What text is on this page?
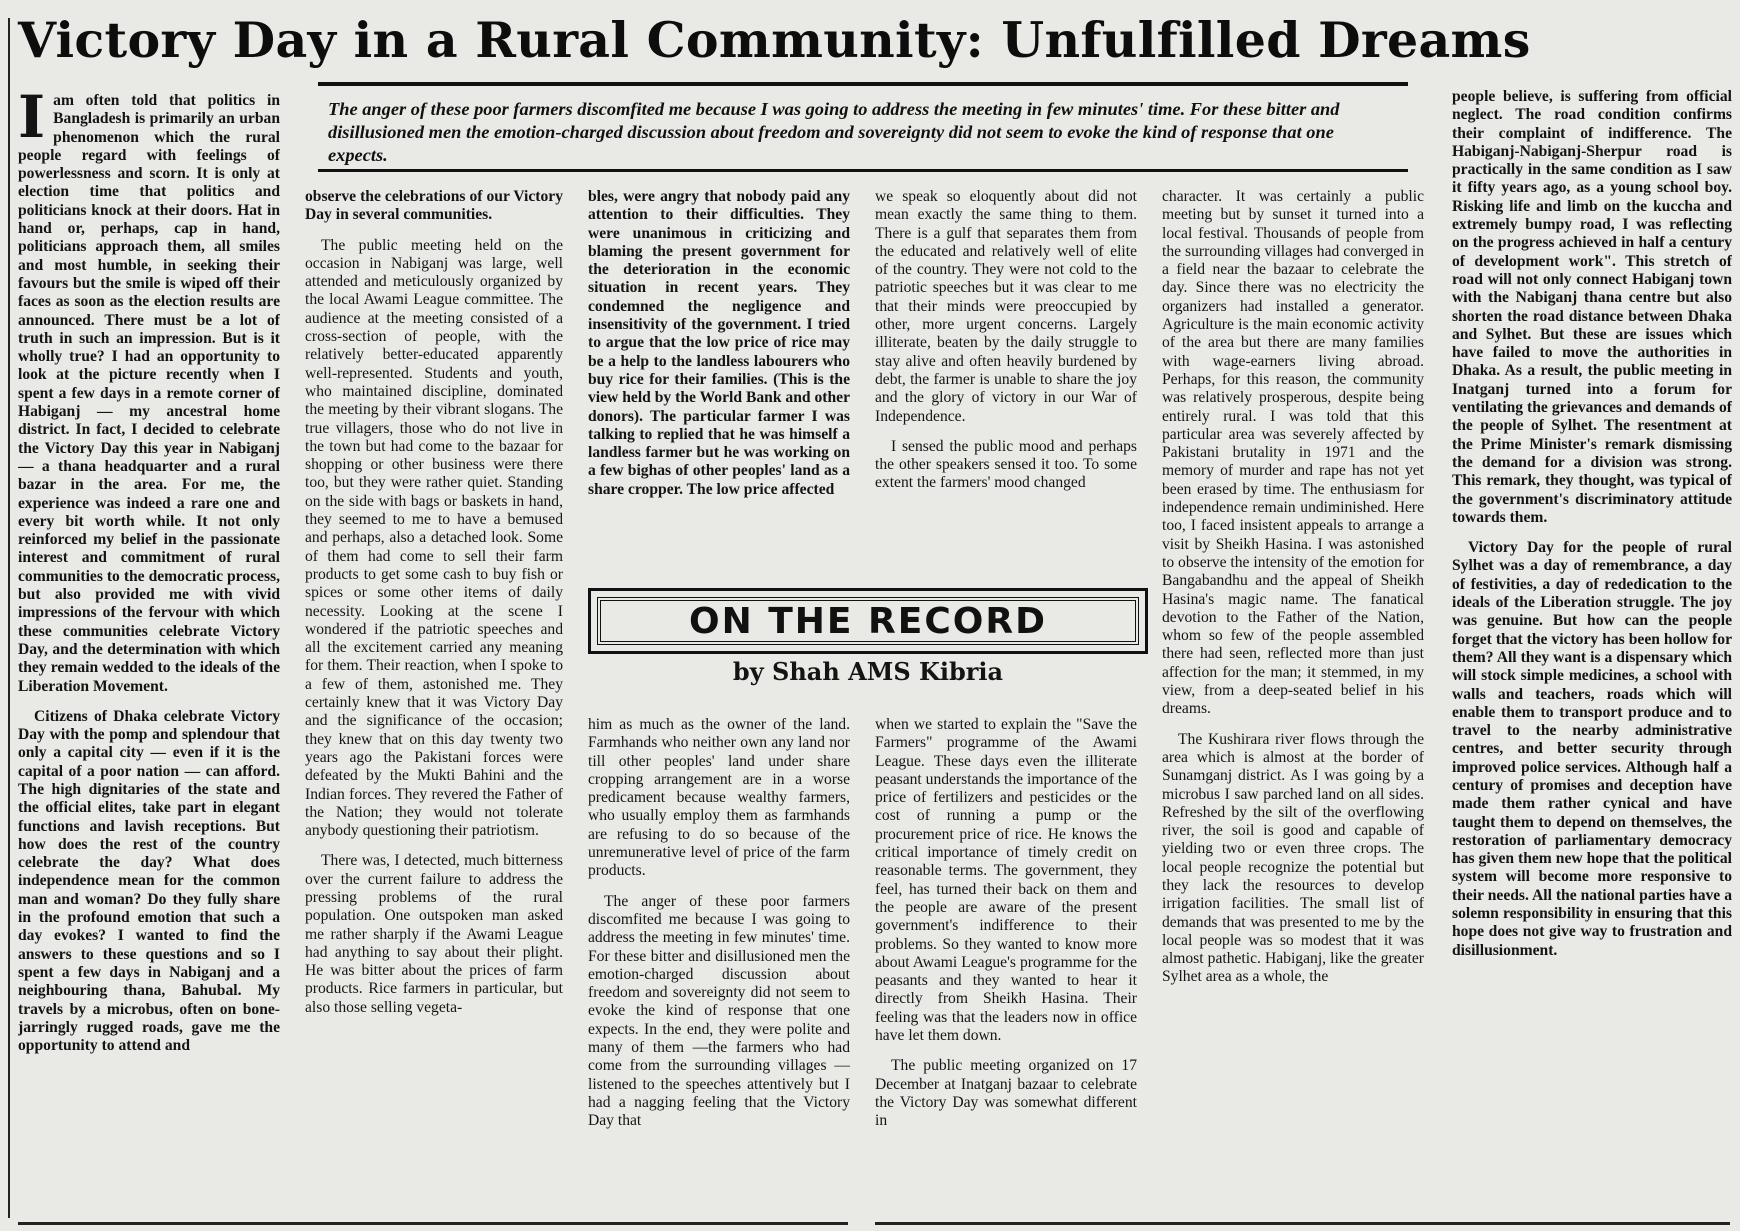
Victory Day in a Rural Community: Unfulfilled Dreams
I am often told that politics in Bangladesh is primarily an urban phenomenon which the rural people regard with feelings of powerlessness and scorn. It is only at election time that politics and politicians knock at their doors. Hat in hand or, perhaps, cap in hand, politicians approach them, all smiles and most humble, in seeking their favours but the smile is wiped off their faces as soon as the election results are announced. There must be a lot of truth in such an impression. But is it wholly true? I had an opportunity to look at the picture recently when I spent a few days in a remote corner of Habiganj — my ancestral home district. In fact, I decided to celebrate the Victory Day this year in Nabiganj — a thana headquarter and a rural bazar in the area. For me, the experience was indeed a rare one and every bit worth while. It not only reinforced my belief in the passionate interest and commitment of rural communities to the democratic process, but also provided me with vivid impressions of the fervour with which these communities celebrate Victory Day, and the determination with which they remain wedded to the ideals of the Liberation Movement.

Citizens of Dhaka celebrate Victory Day with the pomp and splendour that only a capital city — even if it is the capital of a poor nation — can afford. The high dignitaries of the state and the official elites, take part in elegant functions and lavish receptions. But how does the rest of the country celebrate the day? What does independence mean for the common man and woman? Do they fully share in the profound emotion that such a day evokes? I wanted to find the answers to these questions and so I spent a few days in Nabiganj and a neighbouring thana, Bahubal. My travels by a microbus, often on bone-jarringly rugged roads, gave me the opportunity to attend and

The anger of these poor farmers discomfited me because I was going to address the meeting in few minutes' time. For these bitter and disillusioned men the emotion-charged discussion about freedom and sovereignty did not seem to evoke the kind of response that one expects.

observe the celebrations of our Victory Day in several communities.

The public meeting held on the occasion in Nabiganj was large, well attended and meticulously organized by the local Awami League committee. The audience at the meeting consisted of a cross-section of people, with the relatively better-educated apparently well-represented. Students and youth, who maintained discipline, dominated the meeting by their vibrant slogans. The true villagers, those who do not live in the town but had come to the bazaar for shopping or other business were there too, but they were rather quiet. Standing on the side with bags or baskets in hand, they seemed to me to have a bemused and perhaps, also a detached look. Some of them had come to sell their farm products to get some cash to buy fish or spices or some other items of daily necessity. Looking at the scene I wondered if the patriotic speeches and all the excitement carried any meaning for them. Their reaction, when I spoke to a few of them, astonished me. They certainly knew that it was Victory Day and the significance of the occasion; they knew that on this day twenty two years ago the Pakistani forces were defeated by the Mukti Bahini and the Indian forces. They revered the Father of the Nation; they would not tolerate anybody questioning their patriotism.

There was, I detected, much bitterness over the current failure to address the pressing problems of the rural population. One outspoken man asked me rather sharply if the Awami League had anything to say about their plight. He was bitter about the prices of farm products. Rice farmers in particular, but also those selling vegeta-

bles, were angry that nobody paid any attention to their difficulties. They were unanimous in criticizing and blaming the present government for the deterioration in the economic situation in recent years. They condemned the negligence and insensitivity of the government. I tried to argue that the low price of rice may be a help to the landless labourers who buy rice for their families. (This is the view held by the World Bank and other donors). The particular farmer I was talking to replied that he was himself a landless farmer but he was working on a few bighas of other peoples' land as a share cropper. The low price affected

we speak so eloquently about did not mean exactly the same thing to them. There is a gulf that separates them from the educated and relatively well of elite of the country. They were not cold to the patriotic speeches but it was clear to me that their minds were preoccupied by other, more urgent concerns. Largely illiterate, beaten by the daily struggle to stay alive and often heavily burdened by debt, the farmer is unable to share the joy and the glory of victory in our War of Independence.

I sensed the public mood and perhaps the other speakers sensed it too. To some extent the farmers' mood changed

ON THE RECORD
by Shah AMS Kibria

him as much as the owner of the land. Farmhands who neither own any land nor till other peoples' land under share cropping arrangement are in a worse predicament because wealthy farmers, who usually employ them as farmhands are refusing to do so because of the unremunerative level of price of the farm products.

The anger of these poor farmers discomfited me because I was going to address the meeting in few minutes' time. For these bitter and disillusioned men the emotion-charged discussion about freedom and sovereignty did not seem to evoke the kind of response that one expects. In the end, they were polite and many of them —the farmers who had come from the surrounding villages — listened to the speeches attentively but I had a nagging feeling that the Victory Day that

when we started to explain the "Save the Farmers" programme of the Awami League. These days even the illiterate peasant understands the importance of the price of fertilizers and pesticides or the cost of running a pump or the procurement price of rice. He knows the critical importance of timely credit on reasonable terms. The government, they feel, has turned their back on them and the people are aware of the present government's indifference to their problems. So they wanted to know more about Awami League's programme for the peasants and they wanted to hear it directly from Sheikh Hasina. Their feeling was that the leaders now in office have let them down.

The public meeting organized on 17 December at Inatganj bazaar to celebrate the Victory Day was somewhat different in

character. It was certainly a public meeting but by sunset it turned into a local festival. Thousands of people from the surrounding villages had converged in a field near the bazaar to celebrate the day. Since there was no electricity the organizers had installed a generator. Agriculture is the main economic activity of the area but there are many families with wage-earners living abroad. Perhaps, for this reason, the community was relatively prosperous, despite being entirely rural. I was told that this particular area was severely affected by Pakistani brutality in 1971 and the memory of murder and rape has not yet been erased by time. The enthusiasm for independence remain undiminished. Here too, I faced insistent appeals to arrange a visit by Sheikh Hasina. I was astonished to observe the intensity of the emotion for Bangabandhu and the appeal of Sheikh Hasina's magic name. The fanatical devotion to the Father of the Nation, whom so few of the people assembled there had seen, reflected more than just affection for the man; it stemmed, in my view, from a deep-seated belief in his dreams.

The Kushirara river flows through the area which is almost at the border of Sunamganj district. As I was going by a microbus I saw parched land on all sides. Refreshed by the silt of the overflowing river, the soil is good and capable of yielding two or even three crops. The local people recognize the potential but they lack the resources to develop irrigation facilities. The small list of demands that was presented to me by the local people was so modest that it was almost pathetic. Habiganj, like the greater Sylhet area as a whole, the

people believe, is suffering from official neglect. The road condition confirms their complaint of indifference. The Habiganj-Nabiganj-Sherpur road is practically in the same condition as I saw it fifty years ago, as a young school boy. Risking life and limb on the kuccha and extremely bumpy road, I was reflecting on the progress achieved in half a century of development work". This stretch of road will not only connect Habiganj town with the Nabiganj thana centre but also shorten the road distance between Dhaka and Sylhet. But these are issues which have failed to move the authorities in Dhaka. As a result, the public meeting in Inatganj turned into a forum for ventilating the grievances and demands of the people of Sylhet. The resentment at the Prime Minister's remark dismissing the demand for a division was strong. This remark, they thought, was typical of the government's discriminatory attitude towards them.

Victory Day for the people of rural Sylhet was a day of remembrance, a day of festivities, a day of rededication to the ideals of the Liberation struggle. The joy was genuine. But how can the people forget that the victory has been hollow for them? All they want is a dispensary which will stock simple medicines, a school with walls and teachers, roads which will enable them to transport produce and to travel to the nearby administrative centres, and better security through improved police services. Although half a century of promises and deception have made them rather cynical and have taught them to depend on themselves, the restoration of parliamentary democracy has given them new hope that the political system will become more responsive to their needs. All the national parties have a solemn responsibility in ensuring that this hope does not give way to frustration and disillusionment.
